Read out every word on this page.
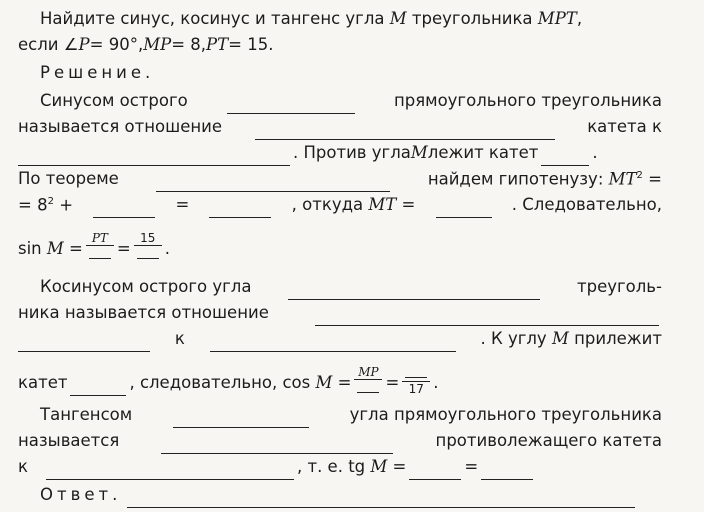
Найдите синус, косинус и тангенс угла M треугольника MPT,
если ∠ P = 90°, MP = 8, PT = 15.
Решение.
Синусом острого	прямоугольного треугольника
называется отношение	катета к
. Против угла M лежит катет	.
По теореме	найдем гипотенузу: $MT^2$ =
= $8^2$ +	=	, откуда MT =	. Следовательно,
sin M =
PT
=
15
.
Косинусом острого угла	треуголь-
ника называется отношение
к	. К углу M прилежит
катет	, следовательно, cos M =
MP
= 17 .
Тангенсом	угла прямоугольного треугольника
называется	противолежащего катета
к	, т. е. tg M =	=
Ответ.
